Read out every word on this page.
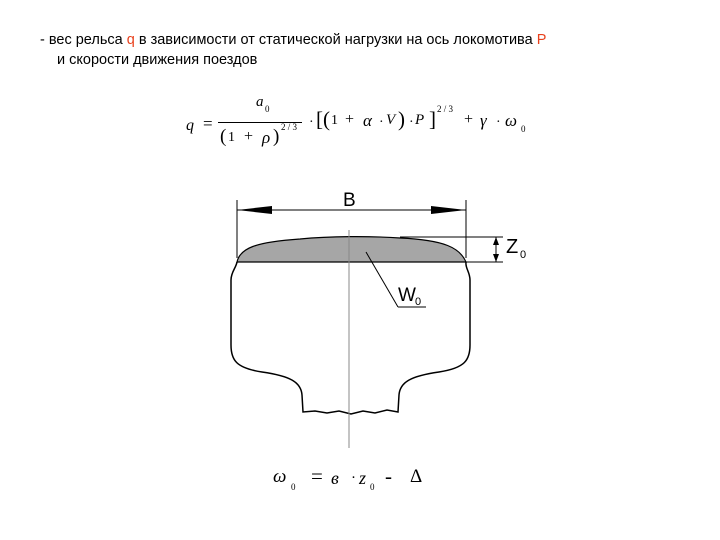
- вес рельса q в зависимости от статической нагрузки на ось локомотива P
и скорости движения поездов
q =
a 0
( 1 + ρ ) 2 / 3 · [ ( 1 + α · V ) · P ] 2 / 3
+ γ · ω 0
B
Z 0
W 0
ω 0 = в · z 0 - Δ
